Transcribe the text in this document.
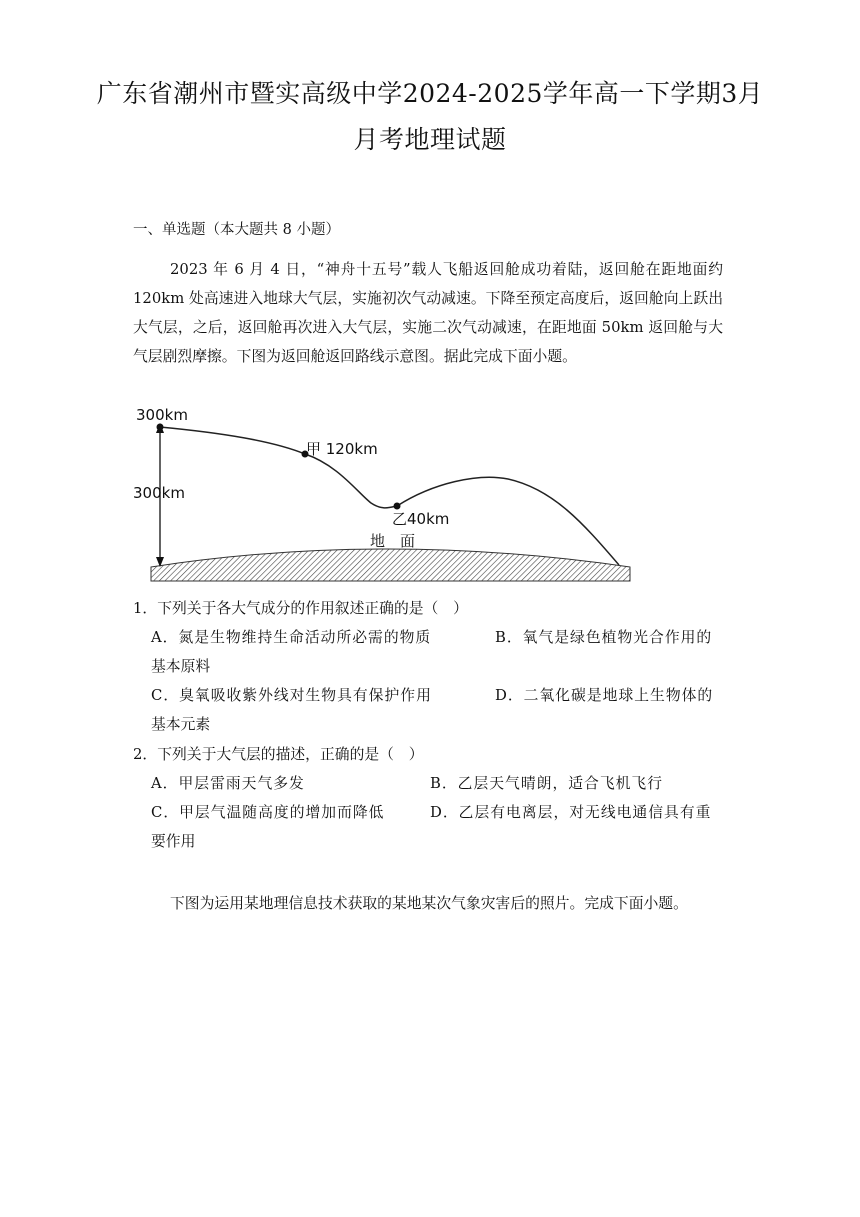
广东省潮州市暨实高级中学2024-2025学年高一下学期3月
月考地理试题
一、单选题（本大题共 8 小题）
2023 年 6 月 4 日，“神舟十五号”载人飞船返回舱成功着陆，返回舱在距地面约 120km 处高速进入地球大气层，实施初次气动减速。下降至预定高度后，返回舱向上跃出大气层，之后，返回舱再次进入大气层，实施二次气动减速，在距地面 50km 返回舱与大气层剧烈摩擦。下图为返回舱返回路线示意图。据此完成下面小题。
300km
300km
甲 120km
乙40km
地　面
1．下列关于各大气成分的作用叙述正确的是（　）
A．氮是生物维持生命活动所必需的物质	B．氧气是绿色植物光合作用的
基本原料
C．臭氧吸收紫外线对生物具有保护作用	D．二氧化碳是地球上生物体的
基本元素
2．下列关于大气层的描述，正确的是（　）
A．甲层雷雨天气多发	B．乙层天气晴朗，适合飞机飞行
C．甲层气温随高度的增加而降低	D．乙层有电离层，对无线电通信具有重
要作用
下图为运用某地理信息技术获取的某地某次气象灾害后的照片。完成下面小题。
